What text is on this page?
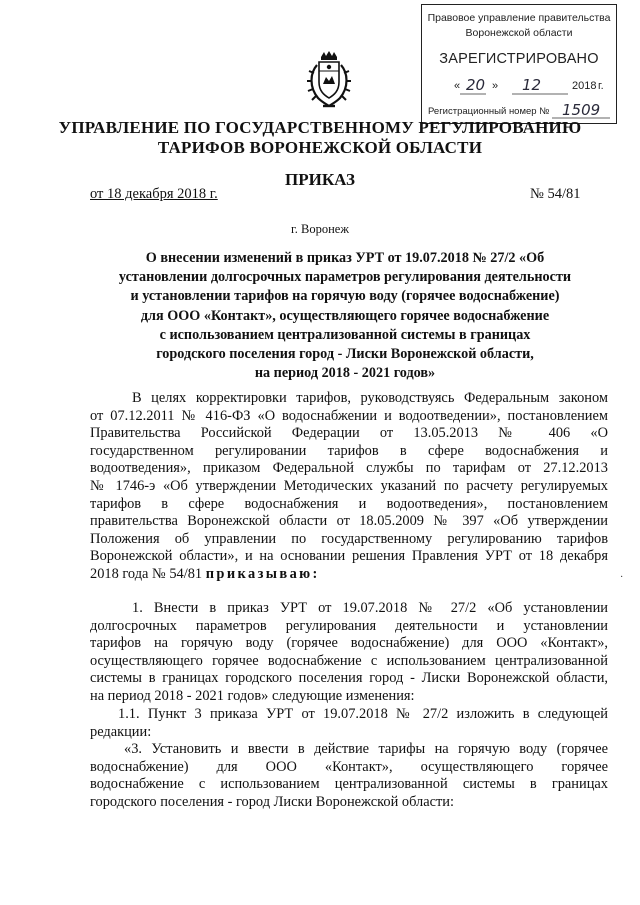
Правовое управление правительства
Воронежской области
ЗАРЕГИСТРИРОВАНО
« 20 » 12	2018 г.
Регистрационный номер № 1509
УПРАВЛЕНИЕ ПО ГОСУДАРСТВЕННОМУ РЕГУЛИРОВАНИЮ
ТАРИФОВ ВОРОНЕЖСКОЙ ОБЛАСТИ
ПРИКАЗ
от 18 декабря 2018 г.	№ 54/81
г. Воронеж
О внесении изменений в приказ УРТ от 19.07.2018 № 27/2 «Об
установлении долгосрочных параметров регулирования деятельности
и установлении тарифов на горячую воду (горячее водоснабжение)
для ООО «Контакт», осуществляющего горячее водоснабжение
с использованием централизованной системы в границах
городского поселения город - Лиски Воронежской области,
на период 2018 - 2021 годов»
В целях корректировки тарифов, руководствуясь Федеральным законом
от 07.12.2011 № 416-ФЗ «О водоснабжении и водоотведении», постановлением
Правительства Российской Федерации от 13.05.2013 № 406 «О
государственном регулировании тарифов в сфере водоснабжения и
водоотведения», приказом Федеральной службы по тарифам от 27.12.2013
№ 1746-э «Об утверждении Методических указаний по расчету регулируемых
тарифов в сфере водоснабжения и водоотведения», постановлением
правительства Воронежской области от 18.05.2009 № 397 «Об утверждении
Положения об управлении по государственному регулированию тарифов
Воронежской области», и на основании решения Правления УРТ от 18 декабря
2018 года № 54/81 приказываю:
1. Внести в приказ УРТ от 19.07.2018 № 27/2 «Об установлении
долгосрочных параметров регулирования деятельности и установлении
тарифов на горячую воду (горячее водоснабжение) для ООО «Контакт»,
осуществляющего горячее водоснабжение с использованием централизованной
системы в границах городского поселения город - Лиски Воронежской области,
на период 2018 - 2021 годов» следующие изменения:
1.1. Пункт 3 приказа УРТ от 19.07.2018 № 27/2 изложить в следующей
редакции:
«3. Установить и ввести в действие тарифы на горячую воду (горячее
водоснабжение) для ООО «Контакт», осуществляющего горячее
водоснабжение с использованием централизованной системы в границах
городского поселения - город Лиски Воронежской области:
·
